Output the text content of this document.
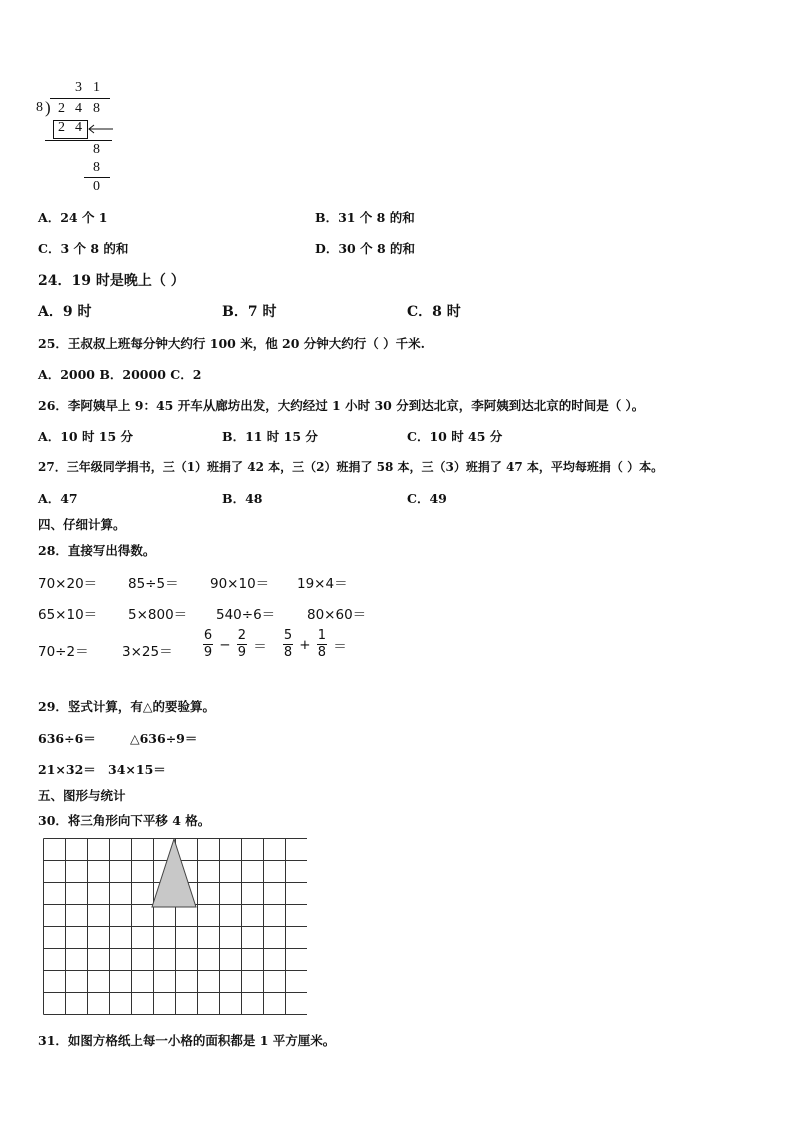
3 1
8 ) 2 4 8
2 4
8
8
0
A．24 个 1	B．31 个 8 的和
C．3 个 8 的和	D．30 个 8 的和
24．19 时是晚上（ ）
A．9 时	B．7 时	C．8 时
25．王叔叔上班每分钟大约行 100 米，他 20 分钟大约行（ ）千米.
A．2000 B．20000 C．2
26．李阿姨早上 9：45 开车从廊坊出发，大约经过 1 小时 30 分到达北京，李阿姨到达北京的时间是（ ）。
A．10 时 15 分	B．11 时 15 分	C．10 时 45 分
27．三年级同学捐书，三（1）班捐了 42 本，三（2）班捐了 58 本，三（3）班捐了 47 本，平均每班捐（ ）本。
A．47	B．48	C．49
四、仔细计算。
28．直接写出得数。
70×20＝ 85÷5＝ 90×10＝ 19×4＝
65×10＝ 5×800＝ 540÷6＝ 80×60＝
$70\div 2= 3\times 25= \frac{6}{9} - \frac{2}{9} = \frac{5}{8} + \frac{1}{8}$ ＝
29．竖式计算，有△的要验算。
636÷6＝	△636÷9＝
21×32＝ 34×15＝
五、图形与统计
30．将三角形向下平移 4 格。
31．如图方格纸上每一小格的面积都是 1 平方厘米。
